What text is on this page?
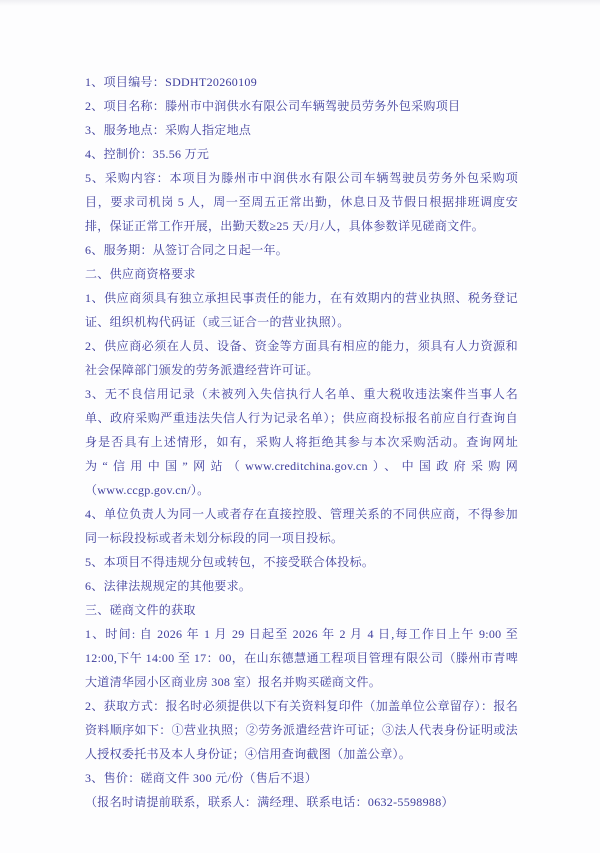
1、项目编号：SDDHT20260109

2、项目名称：滕州市中润供水有限公司车辆驾驶员劳务外包采购项目

3、服务地点：采购人指定地点

4、控制价：35.56 万元

5、采购内容：本项目为滕州市中润供水有限公司车辆驾驶员劳务外包采购项目，要求司机岗 5 人，周一至周五正常出勤，休息日及节假日根据排班调度安排，保证正常工作开展，出勤天数≥25 天/月/人，具体参数详见磋商文件。

6、服务期：从签订合同之日起一年。

二、供应商资格要求

1、供应商须具有独立承担民事责任的能力，在有效期内的营业执照、税务登记证、组织机构代码证（或三证合一的营业执照）。

2、供应商必须在人员、设备、资金等方面具有相应的能力，须具有人力资源和社会保障部门颁发的劳务派遣经营许可证。

3、无不良信用记录（未被列入失信执行人名单、重大税收违法案件当事人名单、政府采购严重违法失信人行为记录名单）；供应商投标报名前应自行查询自身是否具有上述情形，如有，采购人将拒绝其参与本次采购活动。查询网址为“信用中国”网站（www.creditchina.gov.cn）、中国政府采购网（www.ccgp.gov.cn/）。

4、单位负责人为同一人或者存在直接控股、管理关系的不同供应商，不得参加同一标段投标或者未划分标段的同一项目投标。

5、本项目不得违规分包或转包，不接受联合体投标。

6、法律法规规定的其他要求。

三、磋商文件的获取

1、时间: 自 2026 年 1 月 29 日起至 2026 年 2 月 4 日,每工作日上午 9:00 至 12:00,下午 14:00 至 17：00，在山东德慧通工程项目管理有限公司（滕州市青啤大道清华园小区商业房 308 室）报名并购买磋商文件。

2、获取方式：报名时必须提供以下有关资料复印件（加盖单位公章留存）：报名资料顺序如下：①营业执照；②劳务派遣经营许可证；③法人代表身份证明或法人授权委托书及本人身份证；④信用查询截图（加盖公章）。

3、售价：磋商文件 300 元/份（售后不退）

（报名时请提前联系，联系人：满经理、联系电话：0632-5598988）
